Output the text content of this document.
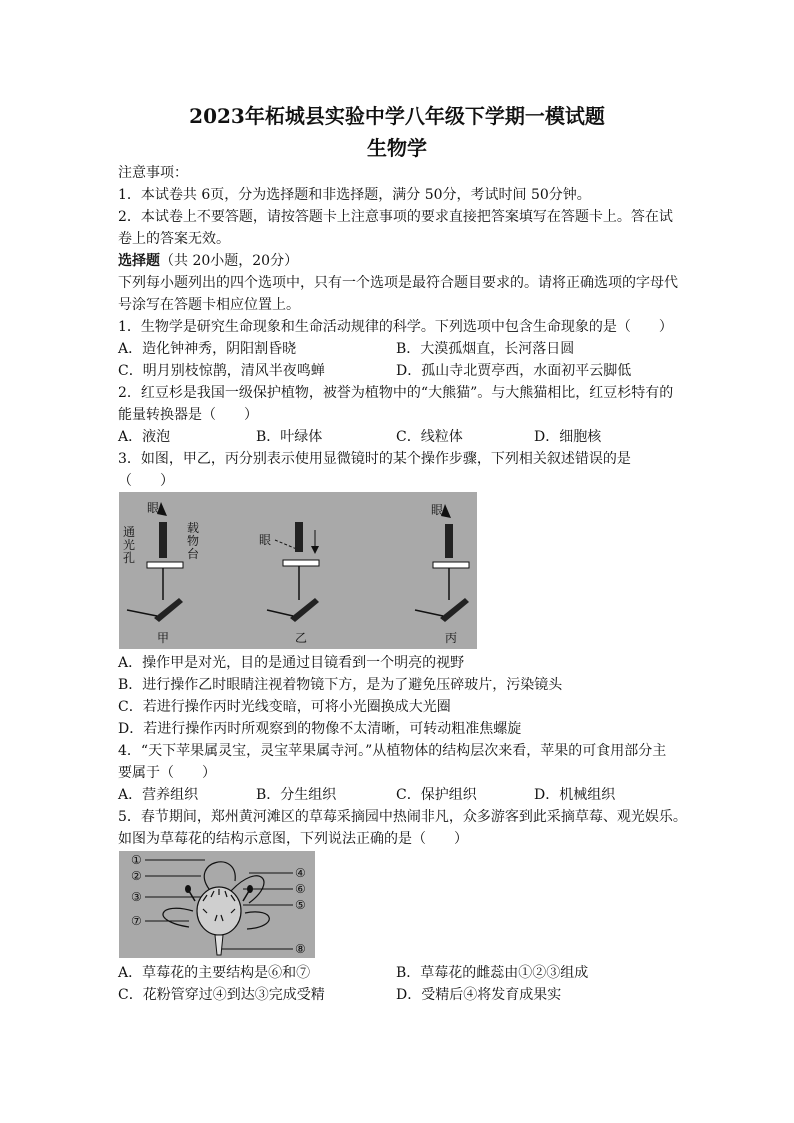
2023年柘城县实验中学八年级下学期一模试题
生物学
注意事项：
1．本试卷共 6页，分为选择题和非选择题，满分 50分，考试时间 50分钟。
2．本试卷上不要答题，请按答题卡上注意事项的要求直接把答案填写在答题卡上。答在试
卷上的答案无效。
选择题（共 20小题，20分）
下列每小题列出的四个选项中，只有一个选项是最符合题目要求的。请将正确选项的字母代
号涂写在答题卡相应位置上。
1．生物学是研究生命现象和生命活动规律的科学。下列选项中包含生命现象的是（　　）
A．造化钟神秀，阴阳割昏晓	B．大漠孤烟直，长河落日圆
C．明月别枝惊鹊，清风半夜鸣蝉	D．孤山寺北贾亭西，水面初平云脚低
2．红豆杉是我国一级保护植物，被誉为植物中的“大熊猫”。与大熊猫相比，红豆杉特有的
能量转换器是（　　）
A．液泡	B．叶绿体	C．线粒体	D．细胞核
3．如图，甲乙，丙分别表示使用显微镜时的某个操作步骤，下列相关叙述错误的是
（　　）
眼
通光孔
载物台
甲
眼
乙
眼
丙
A．操作甲是对光，目的是通过目镜看到一个明亮的视野
B．进行操作乙时眼睛注视着物镜下方，是为了避免压碎玻片，污染镜头
C．若进行操作丙时光线变暗，可将小光圈换成大光圈
D．若进行操作丙时所观察到的物像不太清晰，可转动粗准焦螺旋
4．“天下苹果属灵宝，灵宝苹果属寺河。”从植物体的结构层次来看，苹果的可食用部分主
要属于（　　）
A．营养组织	B．分生组织	C．保护组织	D．机械组织
5．春节期间，郑州黄河滩区的草莓采摘园中热闹非凡，众多游客到此采摘草莓、观光娱乐。
如图为草莓花的结构示意图，下列说法正确的是（　　）
①
②
③
⑦
④
⑥
⑤
⑧
A．草莓花的主要结构是⑥和⑦	B．草莓花的雌蕊由①②③组成
C．花粉管穿过④到达③完成受精	D．受精后④将发育成果实
